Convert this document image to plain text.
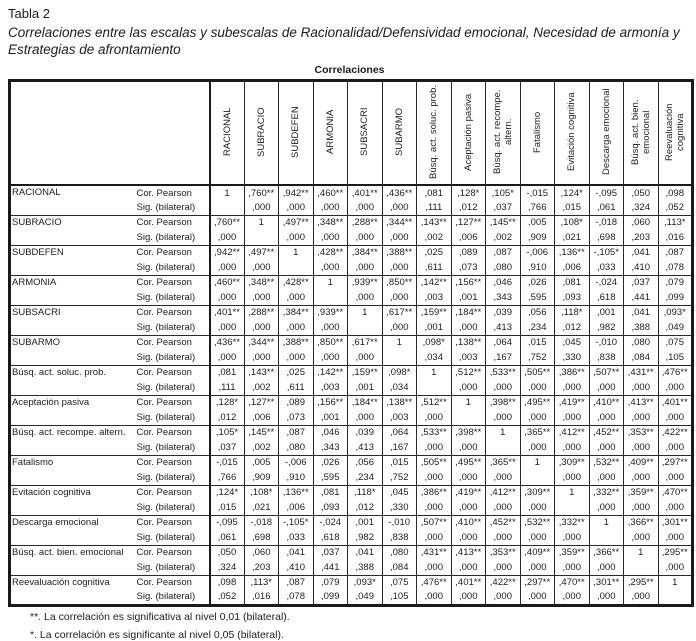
Tabla 2
Correlaciones entre las escalas y subescalas de Racionalidad/Defensividad emocional, Necesidad de armonía y Estrategias de afrontamiento
Correlaciones
		RACIONAL	SUBRACIO	SUBDEFEN	ARMONIA	SUBSACRI	SUBARMO	Búsq. act. soluc. prob.	Aceptación pasiva	Búsq. act. recompe. altern.	Fatalismo	Evitación cognitiva	Descarga emocional	Búsq. act. bien. emocional	Reevaluación cognitiva
RACIONAL	Cor. Pearson	1	,760**	,942**	,460**	,401**	,436**	,081	,128*	,105*	-,015	,124*	-,095	,050	,098
	Sig. (bilateral)		,000	,000	,000	,000	,000	,111	,012	,037	,766	,015	,061	,324	,052
SUBRACIO	Cor. Pearson	,760**	1	,497**	,348**	,288**	,344**	,143**	,127**	,145**	,005	,108*	-,018	,060	,113*
	Sig. (bilateral)	,000		,000	,000	,000	,000	,002	,006	,002	,909	,021	,698	,203	,016
SUBDEFEN	Cor. Pearson	,942**	,497**	1	,428**	,384**	,388**	,025	,089	,087	-,006	,136**	-,105*	,041	,087
	Sig. (bilateral)	,000	,000		,000	,000	,000	,611	,073	,080	,910	,006	,033	,410	,078
ARMONIA	Cor. Pearson	,460**	,348**	,428**	1	,939**	,850**	,142**	,156**	,046	,026	,081	-,024	,037	,079
	Sig. (bilateral)	,000	,000	,000		,000	,000	,003	,001	,343	,595	,093	,618	,441	,099
SUBSACRI	Cor. Pearson	,401**	,288**	,384**	,939**	1	,617**	,159**	,184**	,039	,056	,118*	,001	,041	,093*
	Sig. (bilateral)	,000	,000	,000	,000		,000	,001	,000	,413	,234	,012	,982	,388	,049
SUBARMO	Cor. Pearson	,436**	,344**	,388**	,850**	,617**	1	,098*	,138**	,064	,015	,045	-,010	,080	,075
	Sig. (bilateral)	,000	,000	,000	,000	,000		,034	,003	,167	,752	,330	,838	,084	,105
Búsq. act. soluc. prob.	Cor. Pearson	,081	,143**	,025	,142**	,159**	,098*	1	,512**	,533**	,505**	,386**	,507**	,431**	,476**
	Sig. (bilateral)	,111	,002	,611	,003	,001	,034		,000	,000	,000	,000	,000	,000	,000
Aceptación pasiva	Cor. Pearson	,128*	,127**	,089	,156**	,184**	,138**	,512**	1	,398**	,495**	,419**	,410**	,413**	,401**
	Sig. (bilateral)	,012	,006	,073	,001	,000	,003	,000		,000	,000	,000	,000	,000	,000
Búsq. act. recompe. altern.	Cor. Pearson	,105*	,145**	,087	,046	,039	,064	,533**	,398**	1	,365**	,412**	,452**	,353**	,422**
	Sig. (bilateral)	,037	,002	,080	,343	,413	,167	,000	,000		,000	,000	,000	,000	,000
Fatalismo	Cor. Pearson	-,015	,005	-,006	,026	,056	,015	,505**	,495**	,365**	1	,309**	,532**	,409**	,297**
	Sig. (bilateral)	,766	,909	,910	,595	,234	,752	,000	,000	,000		,000	,000	,000	,000
Evitación cognitiva	Cor. Pearson	,124*	,108*	,136**	,081	,118*	,045	,386**	,419**	,412**	,309**	1	,332**	,359**	,470**
	Sig. (bilateral)	,015	,021	,006	,093	,012	,330	,000	,000	,000	,000		,000	,000	,000
Descarga emocional	Cor. Pearson	-,095	-,018	-,105*	-,024	,001	-,010	,507**	,410**	,452**	,532**	,332**	1	,366**	,301**
	Sig. (bilateral)	,061	,698	,033	,618	,982	,838	,000	,000	,000	,000	,000		,000	,000
Búsq. act. bien. emocional	Cor. Pearson	,050	,060	,041	,037	,041	,080	,431**	,413**	,353**	,409**	,359**	,366**	1	,295**
	Sig. (bilateral)	,324	,203	,410	,441	,388	,084	,000	,000	,000	,000	,000	,000		,000
Reevaluación cognitiva	Cor. Pearson	,098	,113*	,087	,079	,093*	,075	,476**	,401**	,422**	,297**	,470**	,301**	,295**	1
	Sig. (bilateral)	,052	,016	,078	,099	,049	,105	,000	,000	,000	,000	,000	,000	,000	
**. La correlación es significativa al nivel 0,01 (bilateral).
*. La correlación es significante al nivel 0,05 (bilateral).
